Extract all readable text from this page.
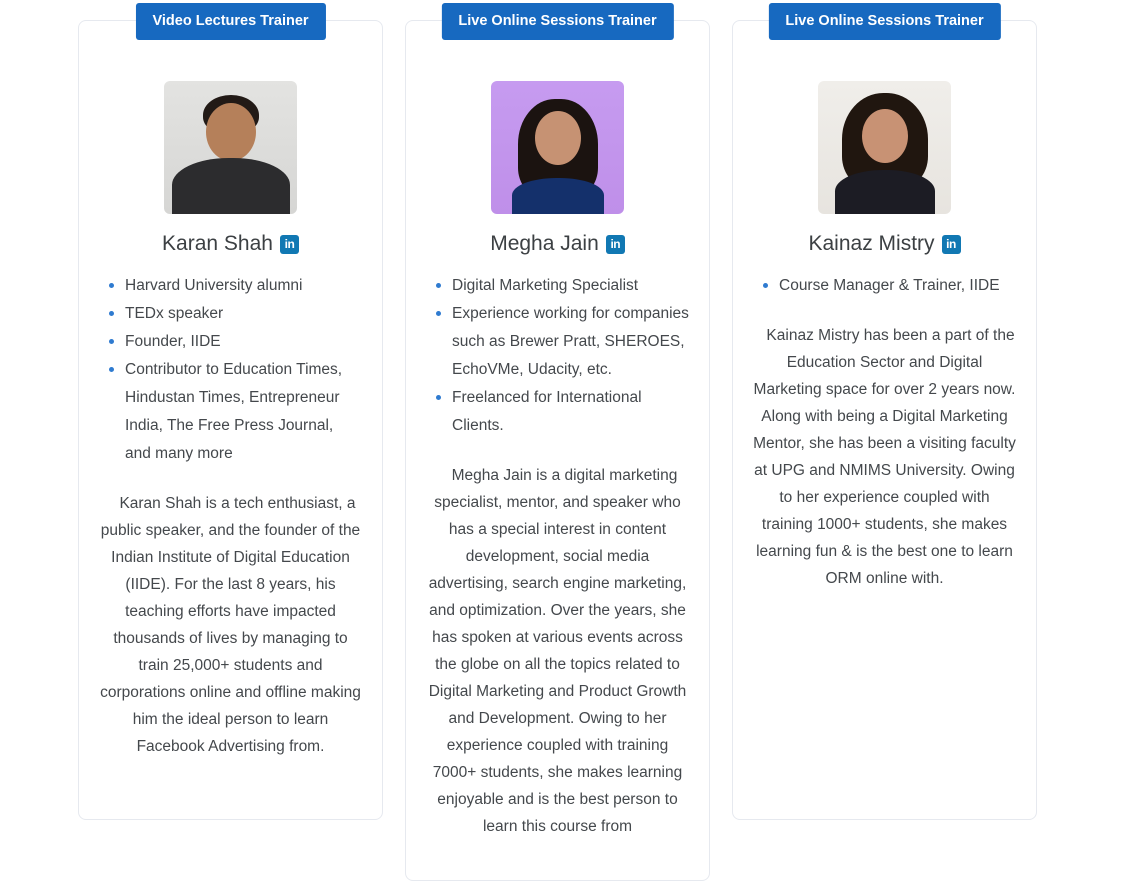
Video Lectures Trainer
Karan Shah in
Harvard University alumni
TEDx speaker
Founder, IIDE
Contributor to Education Times, Hindustan Times, Entrepreneur India, The Free Press Journal, and many more

Karan Shah is a tech enthusiast, a public speaker, and the founder of the Indian Institute of Digital Education (IIDE). For the last 8 years, his teaching efforts have impacted thousands of lives by managing to train 25,000+ students and corporations online and offline making him the ideal person to learn Facebook Advertising from.

Live Online Sessions Trainer
Megha Jain in
Digital Marketing Specialist
Experience working for companies such as Brewer Pratt, SHEROES, EchoVMe, Udacity, etc.
Freelanced for International Clients.

Megha Jain is a digital marketing specialist, mentor, and speaker who has a special interest in content development, social media advertising, search engine marketing, and optimization. Over the years, she has spoken at various events across the globe on all the topics related to Digital Marketing and Product Growth and Development. Owing to her experience coupled with training 7000+ students, she makes learning enjoyable and is the best person to learn this course from

Live Online Sessions Trainer
Kainaz Mistry in
Course Manager & Trainer, IIDE

Kainaz Mistry has been a part of the Education Sector and Digital Marketing space for over 2 years now. Along with being a Digital Marketing Mentor, she has been a visiting faculty at UPG and NMIMS University. Owing to her experience coupled with training 1000+ students, she makes learning fun & is the best one to learn ORM online with.
